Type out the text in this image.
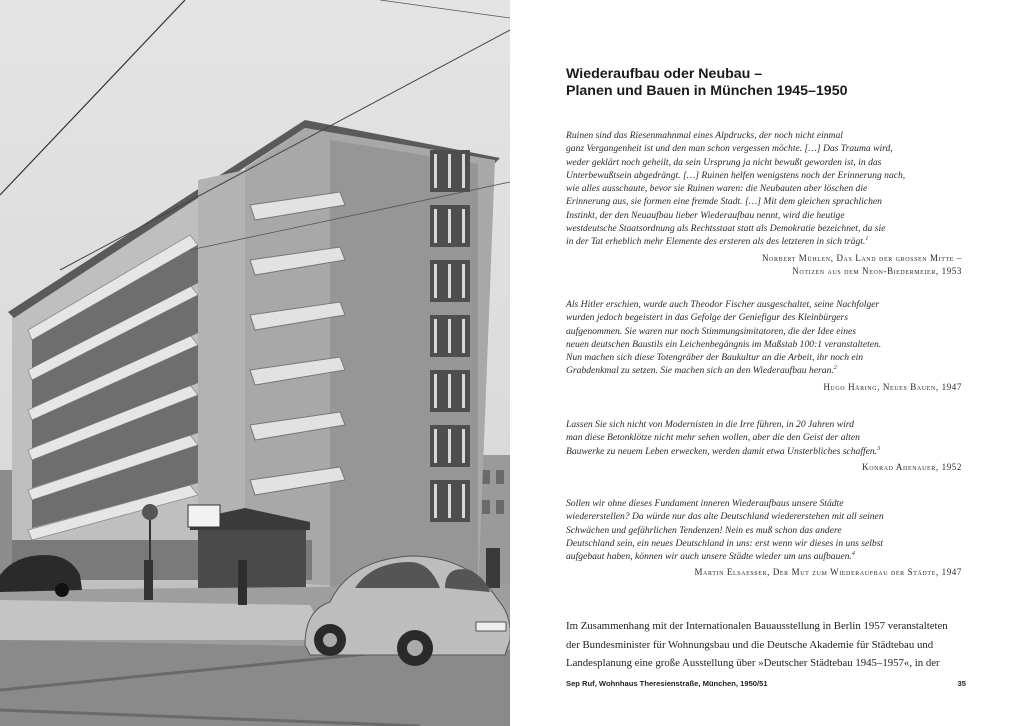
Wiederaufbau oder Neubau –
Planen und Bauen in München 1945–1950
Ruinen sind das Riesenmahnmal eines Alpdrucks, der noch nicht einmal
ganz Vergangenheit ist und den man schon vergessen möchte. […] Das Trauma wird,
weder geklärt noch geheilt, da sein Ursprung ja nicht bewußt geworden ist, in das
Unterbewußtsein abgedrängt. […] Ruinen helfen wenigstens noch der Erinnerung nach,
wie alles ausschaute, bevor sie Ruinen waren: die Neubauten aber löschen die
Erinnerung aus, sie formen eine fremde Stadt. […] Mit dem gleichen sprachlichen
Instinkt, der den Neuaufbau lieber Wiederaufbau nennt, wird die heutige
westdeutsche Staatsordnung als Rechtsstaat statt als Demokratie bezeichnet, da sie
in der Tat erheblich mehr Elemente des ersteren als des letzteren in sich trägt.$^1$
Norbert Mühlen, Das Land der grossen Mitte –
Notizen aus dem Neon-Biedermeier, 1953
Als Hitler erschien, wurde auch Theodor Fischer ausgeschaltet, seine Nachfolger
wurden jedoch begeistert in das Gefolge der Geniefigur des Kleinbürgers
aufgenommen. Sie waren nur noch Stimmungsimitatoren, die der Idee eines
neuen deutschen Baustils ein Leichenbegängnis im Maßstab 100:1 veranstalteten.
Nun machen sich diese Totengräber der Baukultur an die Arbeit, ihr noch ein
Grabdenkmal zu setzen. Sie machen sich an den Wiederaufbau heran.$^2$
Hugo Häring, Neues Bauen, 1947
Lassen Sie sich nicht von Modernisten in die Irre führen, in 20 Jahren wird
man diese Betonklötze nicht mehr sehen wollen, aber die den Geist der alten
Bauwerke zu neuem Leben erwecken, werden damit etwa Unsterbliches schaffen.$^3$
Konrad Adenauer, 1952
Sollen wir ohne dieses Fundament inneren Wiederaufbaus unsere Städte
wiedererstellen? Da würde nur das alte Deutschland wiedererstehen mit all seinen
Schwächen und gefährlichen Tendenzen! Nein es muß schon das andere
Deutschland sein, ein neues Deutschland in uns: erst wenn wir dieses in uns selbst
aufgebaut haben, können wir auch unsere Städte wieder um uns aufbauen.$^4$
Martin Elsaesser, Der Mut zum Wiederaufbau der Städte, 1947
Im Zusammenhang mit der Internationalen Bauausstellung in Berlin 1957 veranstalteten
der Bundesminister für Wohnungsbau und die Deutsche Akademie für Städtebau und
Landesplanung eine große Ausstellung über »Deutscher Städtebau 1945–1957«, in der
Sep Ruf, Wohnhaus Theresienstraße, München, 1950/51	35
